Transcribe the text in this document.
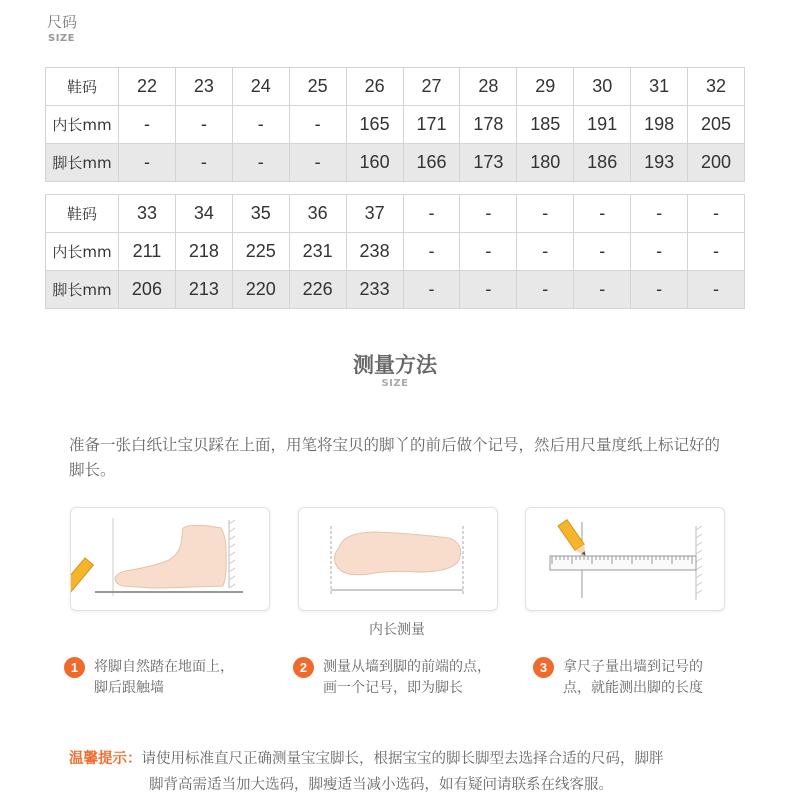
尺码
SIZE
鞋码	22	23	24	25	26	27	28	29	30	31	32
内长mm	-	-	-	-	165	171	178	185	191	198	205
脚长mm	-	-	-	-	160	166	173	180	186	193	200
鞋码	33	34	35	36	37	-	-	-	-	-	-
内长mm	211	218	225	231	238	-	-	-	-	-	-
脚长mm	206	213	220	226	233	-	-	-	-	-	-
测量方法
SIZE
准备一张白纸让宝贝踩在上面，用笔将宝贝的脚丫的前后做个记号，然后用尺量度纸上标记好的脚长。
内长测量
1	将脚自然踏在地面上，
脚后跟触墙
2	测量从墙到脚的前端的点，
画一个记号，即为脚长
3	拿尺子量出墙到记号的
点，就能测出脚的长度
温馨提示：请使用标准直尺正确测量宝宝脚长，根据宝宝的脚长脚型去选择合适的尺码，脚胖
脚背高需适当加大选码，脚瘦适当减小选码，如有疑问请联系在线客服。
